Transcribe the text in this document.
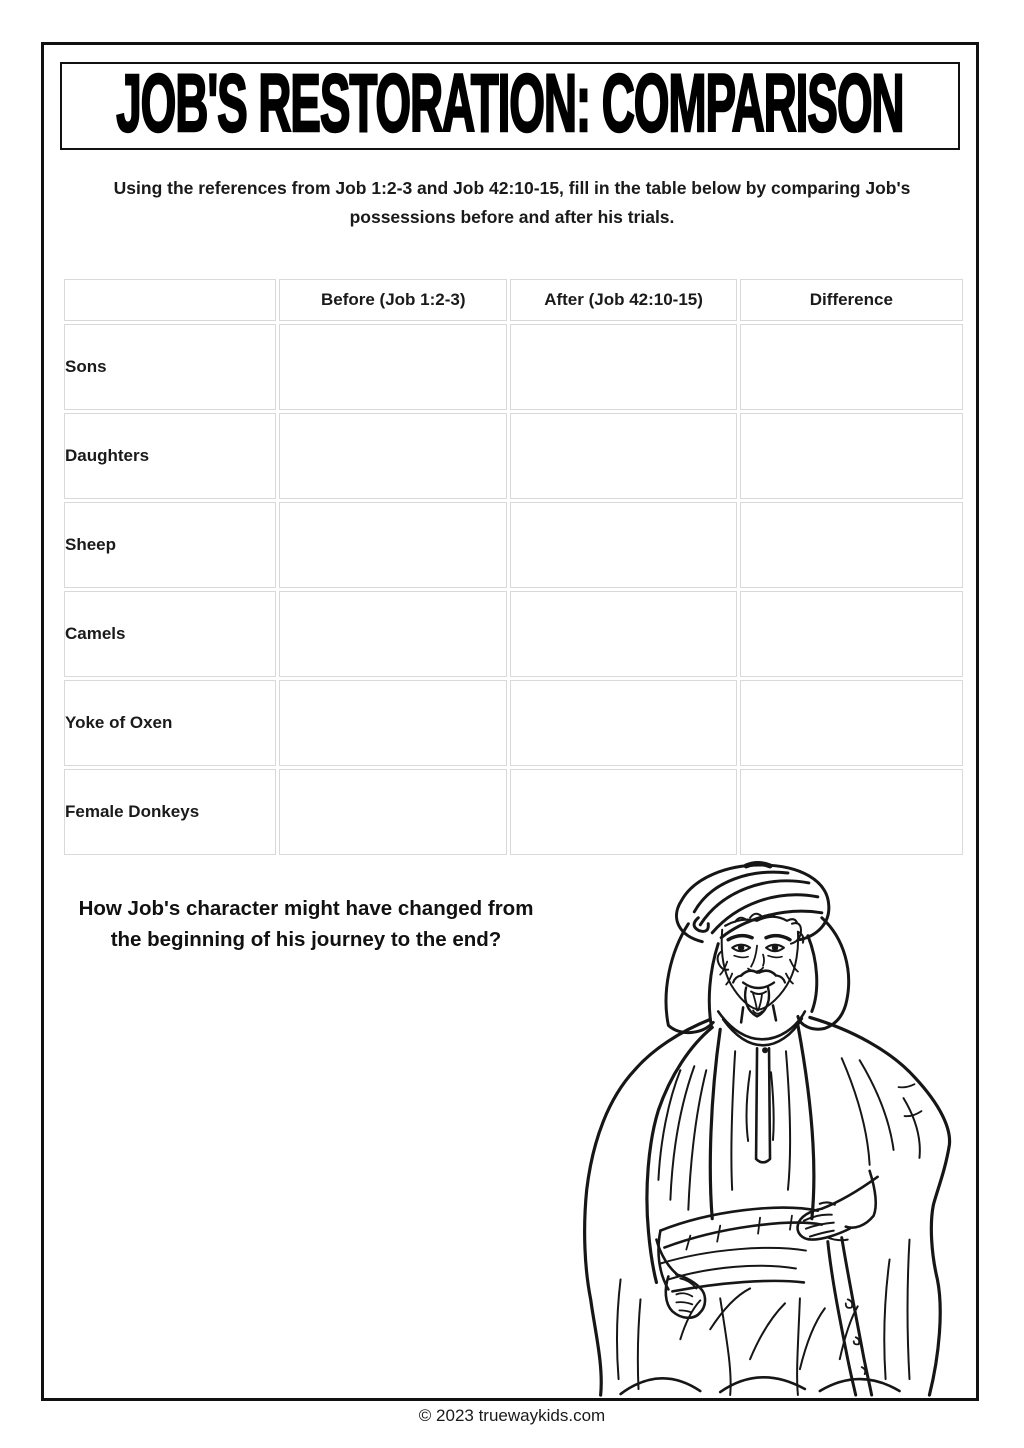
JOB'S RESTORATION: COMPARISON
Using the references from Job 1:2-3 and Job 42:10-15, fill in the table below by comparing Job's possessions before and after his trials.
	Before (Job 1:2-3)	After (Job 42:10-15)	Difference
Sons			
Daughters			
Sheep			
Camels			
Yoke of Oxen			
Female Donkeys			
How Job's character might have changed from
the beginning of his journey to the end?
© 2023 truewaykids.com
